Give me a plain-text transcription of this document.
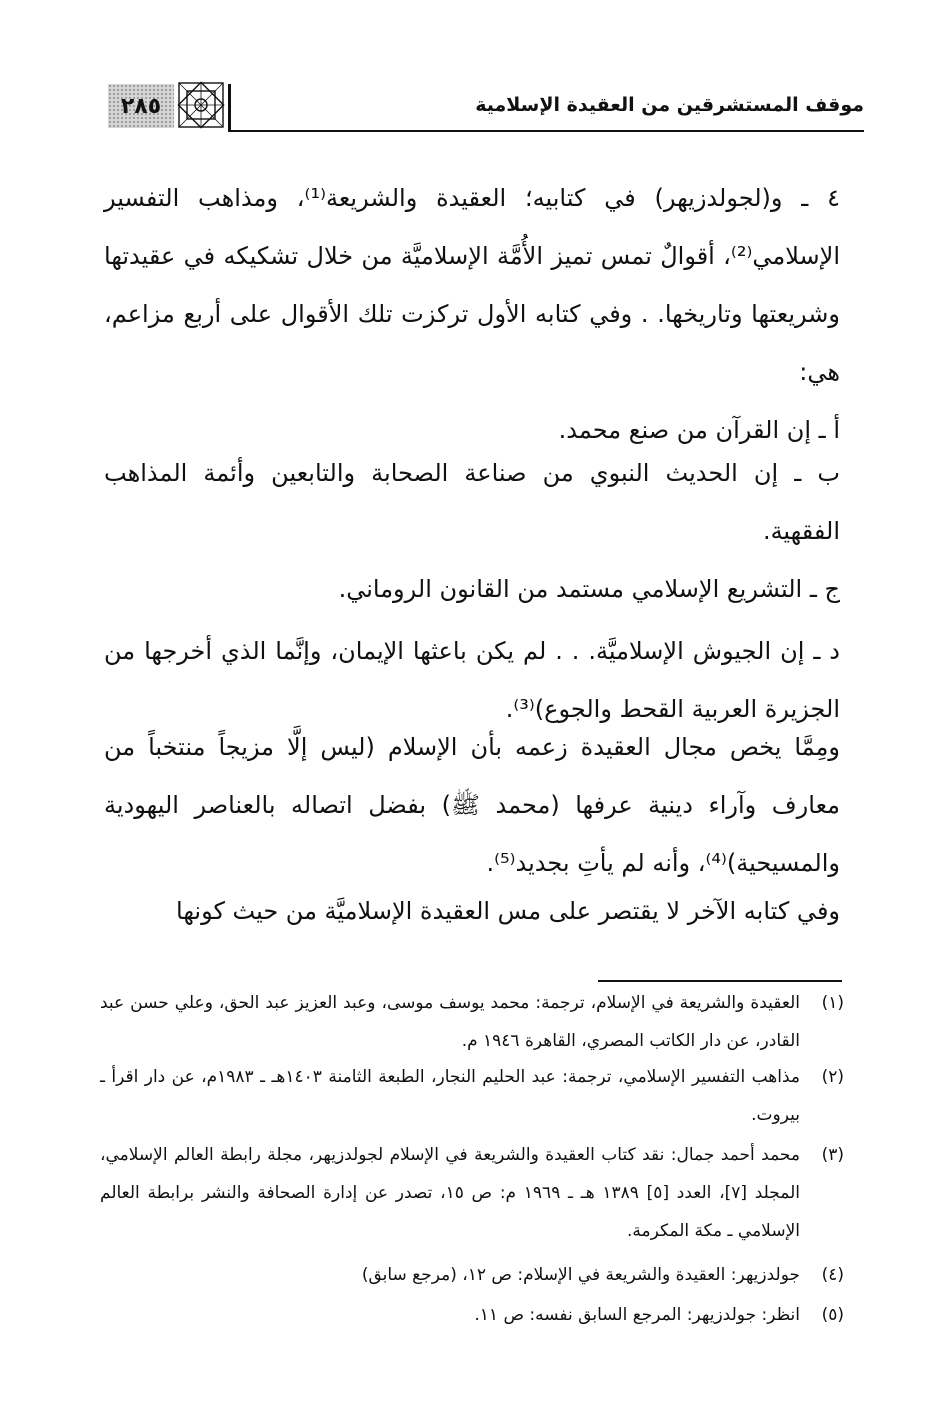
٢٨٥	موقف المستشرقين من العقيدة الإسلامية

٤ ـ و(لجولدزيهر) في كتابيه؛ العقيدة والشريعة⁽¹⁾، ومذاهب التفسير الإسلامي⁽²⁾، أقوالٌ تمس تميز الأُمَّة الإسلاميَّة من خلال تشكيكه في عقيدتها وشريعتها وتاريخها. . وفي كتابه الأول تركزت تلك الأقوال على أربع مزاعم، هي:

أ ـ إن القرآن من صنع محمد.

ب ـ إن الحديث النبوي من صناعة الصحابة والتابعين وأئمة المذاهب الفقهية.

ج ـ التشريع الإسلامي مستمد من القانون الروماني.

د ـ إن الجيوش الإسلاميَّة. . . لم يكن باعثها الإيمان، وإنَّما الذي أخرجها من الجزيرة العربية القحط والجوع)⁽³⁾.

ومِمَّا يخص مجال العقيدة زعمه بأن الإسلام (ليس إلَّا مزيجاً منتخباً من معارف وآراء دينية عرفها (محمد ﷺ) بفضل اتصاله بالعناصر اليهودية والمسيحية)⁽⁴⁾، وأنه لم يأتِ بجديد⁽⁵⁾.

وفي كتابه الآخر لا يقتصر على مس العقيدة الإسلاميَّة من حيث كونها

(١)
العقيدة والشريعة في الإسلام، ترجمة: محمد يوسف موسى، وعبد العزيز عبد الحق، وعلي حسن عبد القادر، عن دار الكاتب المصري، القاهرة ١٩٤٦ م.
(٢)
مذاهب التفسير الإسلامي، ترجمة: عبد الحليم النجار، الطبعة الثامنة ١٤٠٣هـ ـ ١٩٨٣م، عن دار اقرأ ـ بيروت.
(٣)
محمد أحمد جمال: نقد كتاب العقيدة والشريعة في الإسلام لجولدزيهر، مجلة رابطة العالم الإسلامي، المجلد [٧]، العدد [٥] ١٣٨٩ هـ ـ ١٩٦٩ م: ص ١٥، تصدر عن إدارة الصحافة والنشر برابطة العالم الإسلامي ـ مكة المكرمة.
(٤)
جولدزيهر: العقيدة والشريعة في الإسلام: ص ١٢، (مرجع سابق)
(٥)
انظر: جولدزيهر: المرجع السابق نفسه: ص ١١.
